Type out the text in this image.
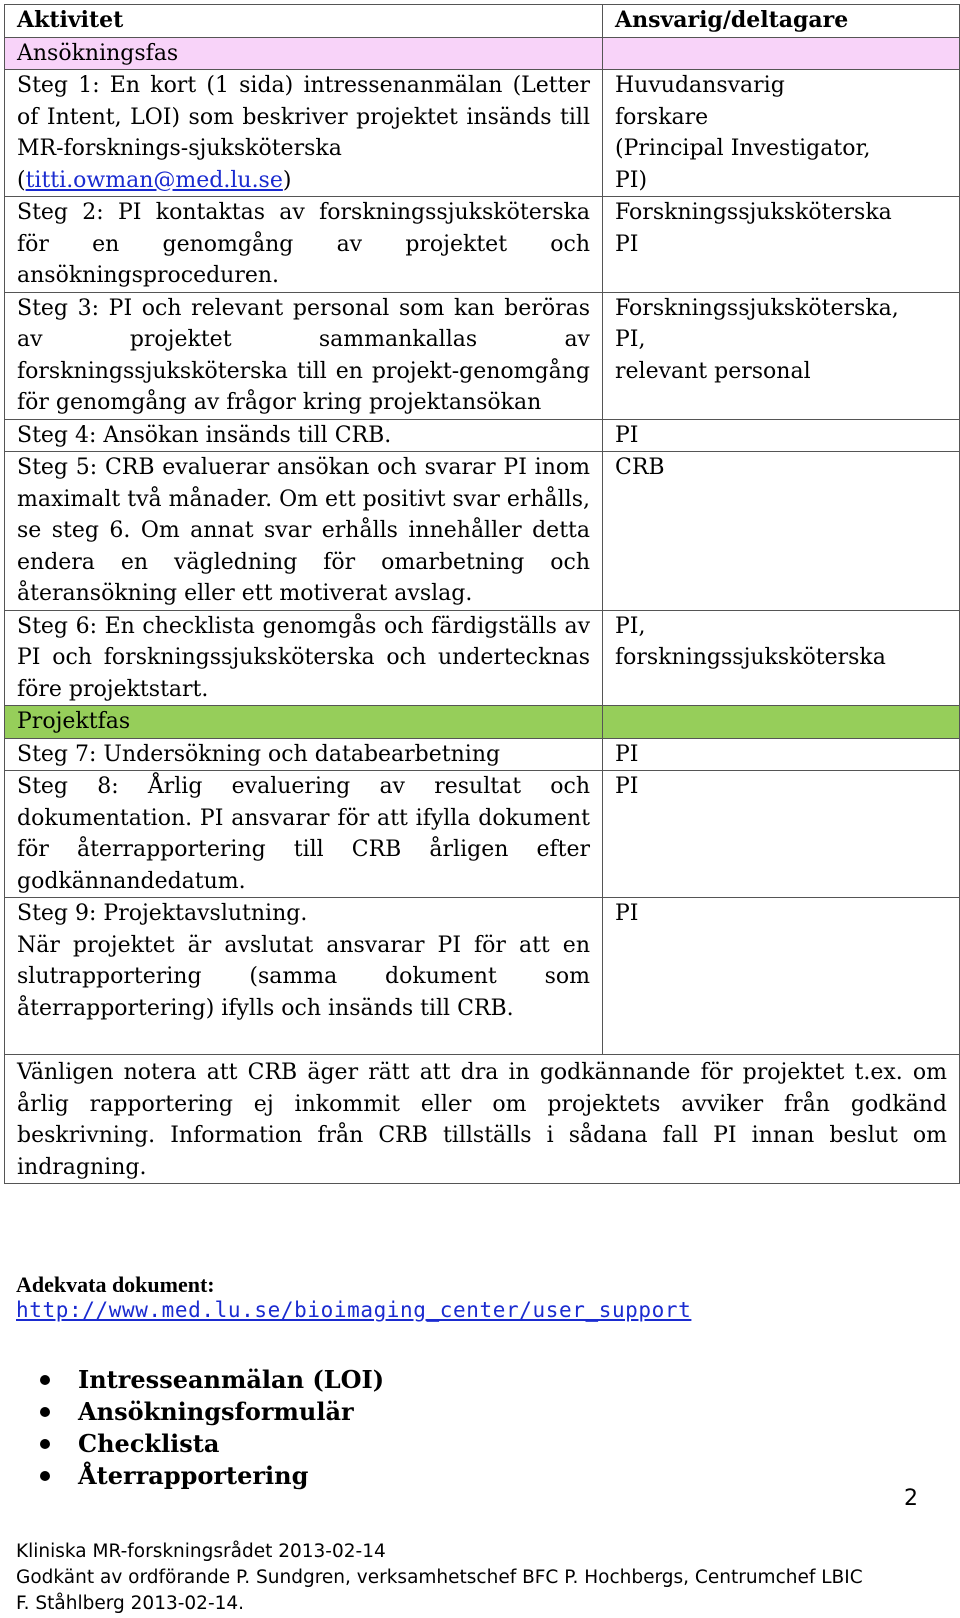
Aktivitet	Ansvarig/deltagare
Ansökningsfas	
Steg 1: En kort (1 sida) intressenanmälan (Letter of Intent, LOI) som beskriver projektet insänds till MR-forsknings-sjuksköterska (titti.owman@med.lu.se)	Huvudansvarig
forskare
(Principal Investigator,
PI)

Steg 2: PI kontaktas av forskningssjuksköterska för en genomgång av projektet och ansökningsproceduren.	Forskningssjuksköterska
PI

Steg 3: PI och relevant personal som kan beröras av projektet sammankallas av forskningssjuksköterska till en projekt-genomgång för genomgång av frågor kring projektansökan	Forskningssjuksköterska,
PI,
relevant personal

Steg 4: Ansökan insänds till CRB.	PI
Steg 5: CRB evaluerar ansökan och svarar PI inom maximalt två månader. Om ett positivt svar erhålls, se steg 6. Om annat svar erhålls innehåller detta endera en vägledning för omarbetning och återansökning eller ett motiverat avslag.	CRB
Steg 6: En checklista genomgås och färdigställs av PI och forskningssjuksköterska och undertecknas före projektstart.	PI,
forskningssjuksköterska

Projektfas	
Steg 7: Undersökning och databearbetning	PI
Steg 8: Årlig evaluering av resultat och dokumentation. PI ansvarar för att ifylla dokument för återrapportering till CRB årligen efter godkännandedatum.	PI

Steg 9: Projektavslutning.
När projektet är avslutat ansvarar PI för att en slutrapportering (samma dokument som återrapportering) ifylls och insänds till CRB.	PI
Vänligen notera att CRB äger rätt att dra in godkännande för projektet t.ex. om årlig rapportering ej inkommit eller om projektets avviker från godkänd beskrivning. Information från CRB tillställs i sådana fall PI innan beslut om indragning.	
Adekvata dokument:
http://www.med.lu.se/bioimaging_center/user_support
Intresseanmälan (LOI)
Ansökningsformulär
Checklista
Återrapportering
Kliniska MR-forskningsrådet 2013-02-14
Godkänt av ordförande P. Sundgren, verksamhetschef BFC P. Hochbergs, Centrumchef LBIC
F. Ståhlberg 2013-02-14.
2
